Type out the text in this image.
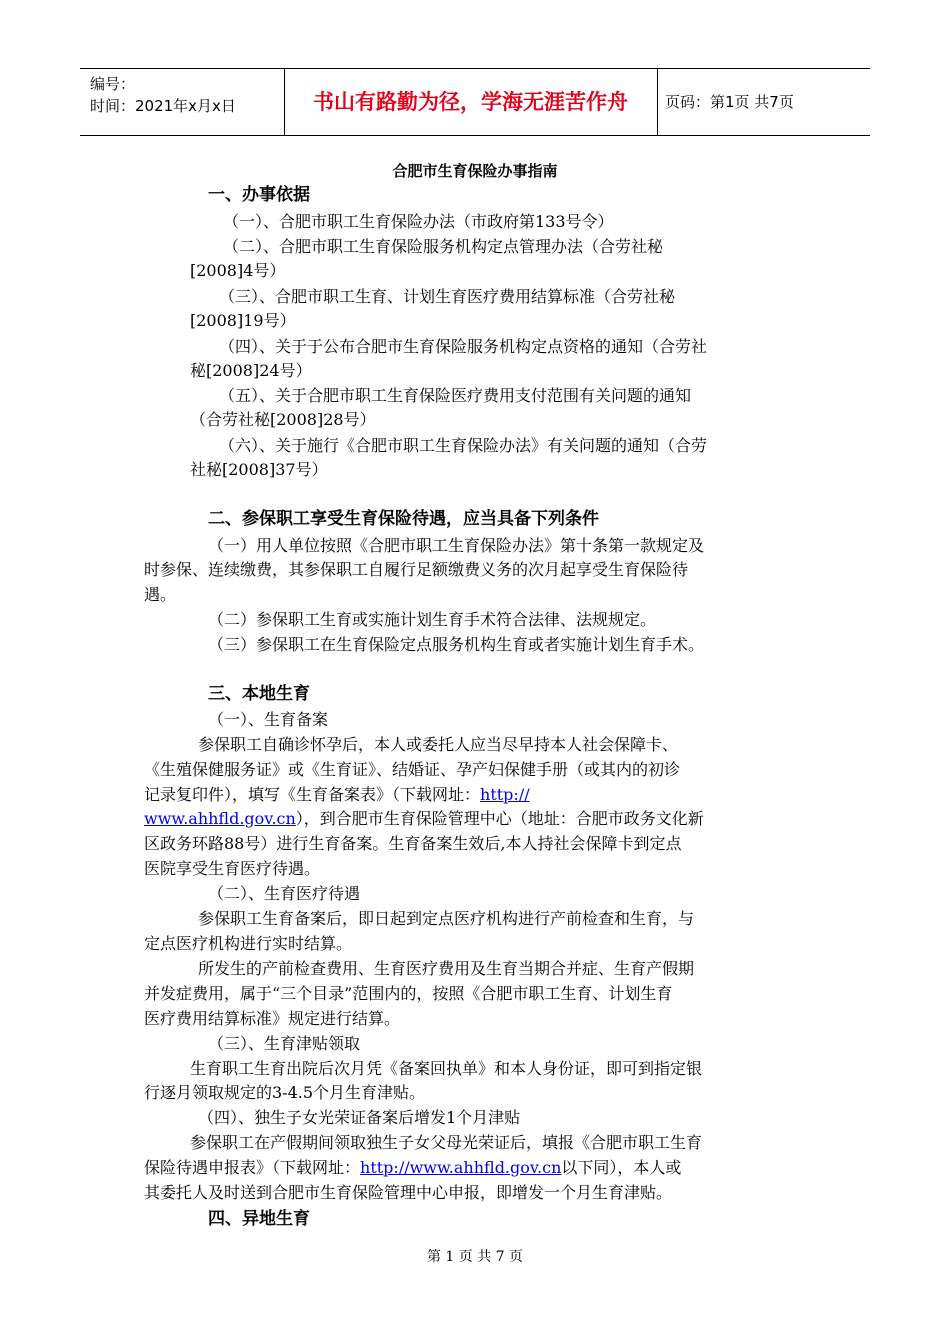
编号：
时间：2021年x月x日	书山有路勤为径，学海无涯苦作舟	页码：第1页 共7页
合肥市生育保险办事指南
一、办事依据
（一）、合肥市职工生育保险办法（市政府第133号令）
（二）、合肥市职工生育保险服务机构定点管理办法（合劳社秘
[2008]4号）
（三）、合肥市职工生育、计划生育医疗费用结算标准（合劳社秘
[2008]19号）
（四）、关于于公布合肥市生育保险服务机构定点资格的通知（合劳社
秘[2008]24号）
（五）、关于合肥市职工生育保险医疗费用支付范围有关问题的通知
（合劳社秘[2008]28号）
（六）、关于施行《合肥市职工生育保险办法》有关问题的通知（合劳
社秘[2008]37号）
二、参保职工享受生育保险待遇，应当具备下列条件
（一）用人单位按照《合肥市职工生育保险办法》第十条第一款规定及
时参保、连续缴费，其参保职工自履行足额缴费义务的次月起享受生育保险待
遇。
（二）参保职工生育或实施计划生育手术符合法律、法规规定。
（三）参保职工在生育保险定点服务机构生育或者实施计划生育手术。
三、本地生育
（一）、生育备案
参保职工自确诊怀孕后，本人或委托人应当尽早持本人社会保障卡、
《生殖保健服务证》或《生育证》、结婚证、孕产妇保健手册（或其内的初诊
记录复印件），填写《生育备案表》（下载网址：http://
www.ahhfld.gov.cn），到合肥市生育保险管理中心（地址：合肥市政务文化新
区政务环路88号）进行生育备案。生育备案生效后,本人持社会保障卡到定点
医院享受生育医疗待遇。
（二）、生育医疗待遇
参保职工生育备案后，即日起到定点医疗机构进行产前检查和生育，与
定点医疗机构进行实时结算。
所发生的产前检查费用、生育医疗费用及生育当期合并症、生育产假期
并发症费用，属于“三个目录”范围内的，按照《合肥市职工生育、计划生育
医疗费用结算标准》规定进行结算。
（三）、生育津贴领取
生育职工生育出院后次月凭《备案回执单》和本人身份证，即可到指定银
行逐月领取规定的3-4.5个月生育津贴。
（四）、独生子女光荣证备案后增发1个月津贴
参保职工在产假期间领取独生子女父母光荣证后，填报《合肥市职工生育
保险待遇申报表》（下载网址：http://www.ahhfld.gov.cn以下同），本人或
其委托人及时送到合肥市生育保险管理中心申报，即增发一个月生育津贴。
四、异地生育
第 1 页 共 7 页
